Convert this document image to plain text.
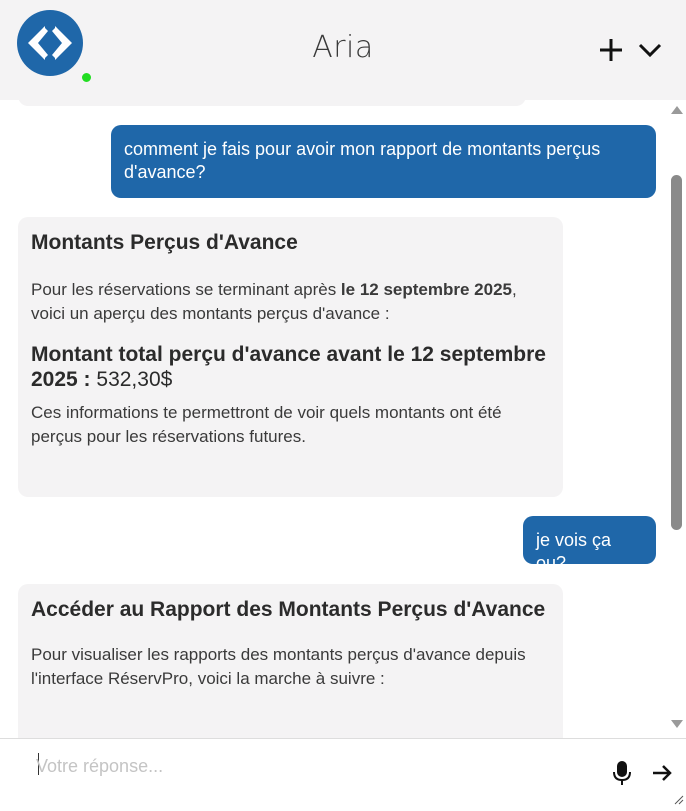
Aria
comment je fais pour avoir mon rapport de montants perçus d'avance?
Montants Perçus d'Avance

Pour les réservations se terminant après le 12 septembre 2025, voici un aperçu des montants perçus d'avance :

Montant total perçu d'avance avant le 12 septembre 2025 : 532,30$

Ces informations te permettront de voir quels montants ont été perçus pour les réservations futures.

je vois ça ou?
Accéder au Rapport des Montants Perçus d'Avance

Pour visualiser les rapports des montants perçus d'avance depuis l'interface RéservPro, voici la marche à suivre :

Votre réponse...
